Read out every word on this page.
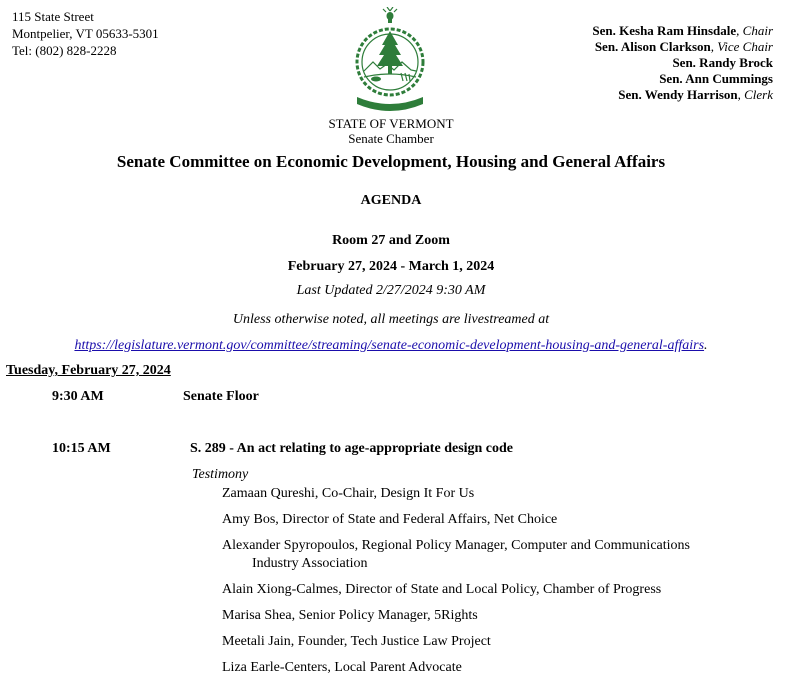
115 State Street
Montpelier, VT 05633-5301
Tel: (802) 828-2228
Sen. Kesha Ram Hinsdale, Chair
Sen. Alison Clarkson, Vice Chair
Sen. Randy Brock
Sen. Ann Cummings
Sen. Wendy Harrison, Clerk
STATE OF VERMONT
Senate Chamber
Senate Committee on Economic Development, Housing and General Affairs
AGENDA
Room 27 and Zoom
February 27, 2024 - March 1, 2024
Last Updated 2/27/2024 9:30 AM
Unless otherwise noted, all meetings are livestreamed at
https://legislature.vermont.gov/committee/streaming/senate-economic-development-housing-and-general-affairs.
Tuesday, February 27, 2024
9:30 AM	Senate Floor
10:15 AM	S. 289 - An act relating to age-appropriate design code
Testimony
Zamaan Qureshi, Co-Chair, Design It For Us
Amy Bos, Director of State and Federal Affairs, Net Choice
Alexander Spyropoulos, Regional Policy Manager, Computer and Communications
Industry Association
Alain Xiong-Calmes, Director of State and Local Policy, Chamber of Progress
Marisa Shea, Senior Policy Manager, 5Rights
Meetali Jain, Founder, Tech Justice Law Project
Liza Earle-Centers, Local Parent Advocate
